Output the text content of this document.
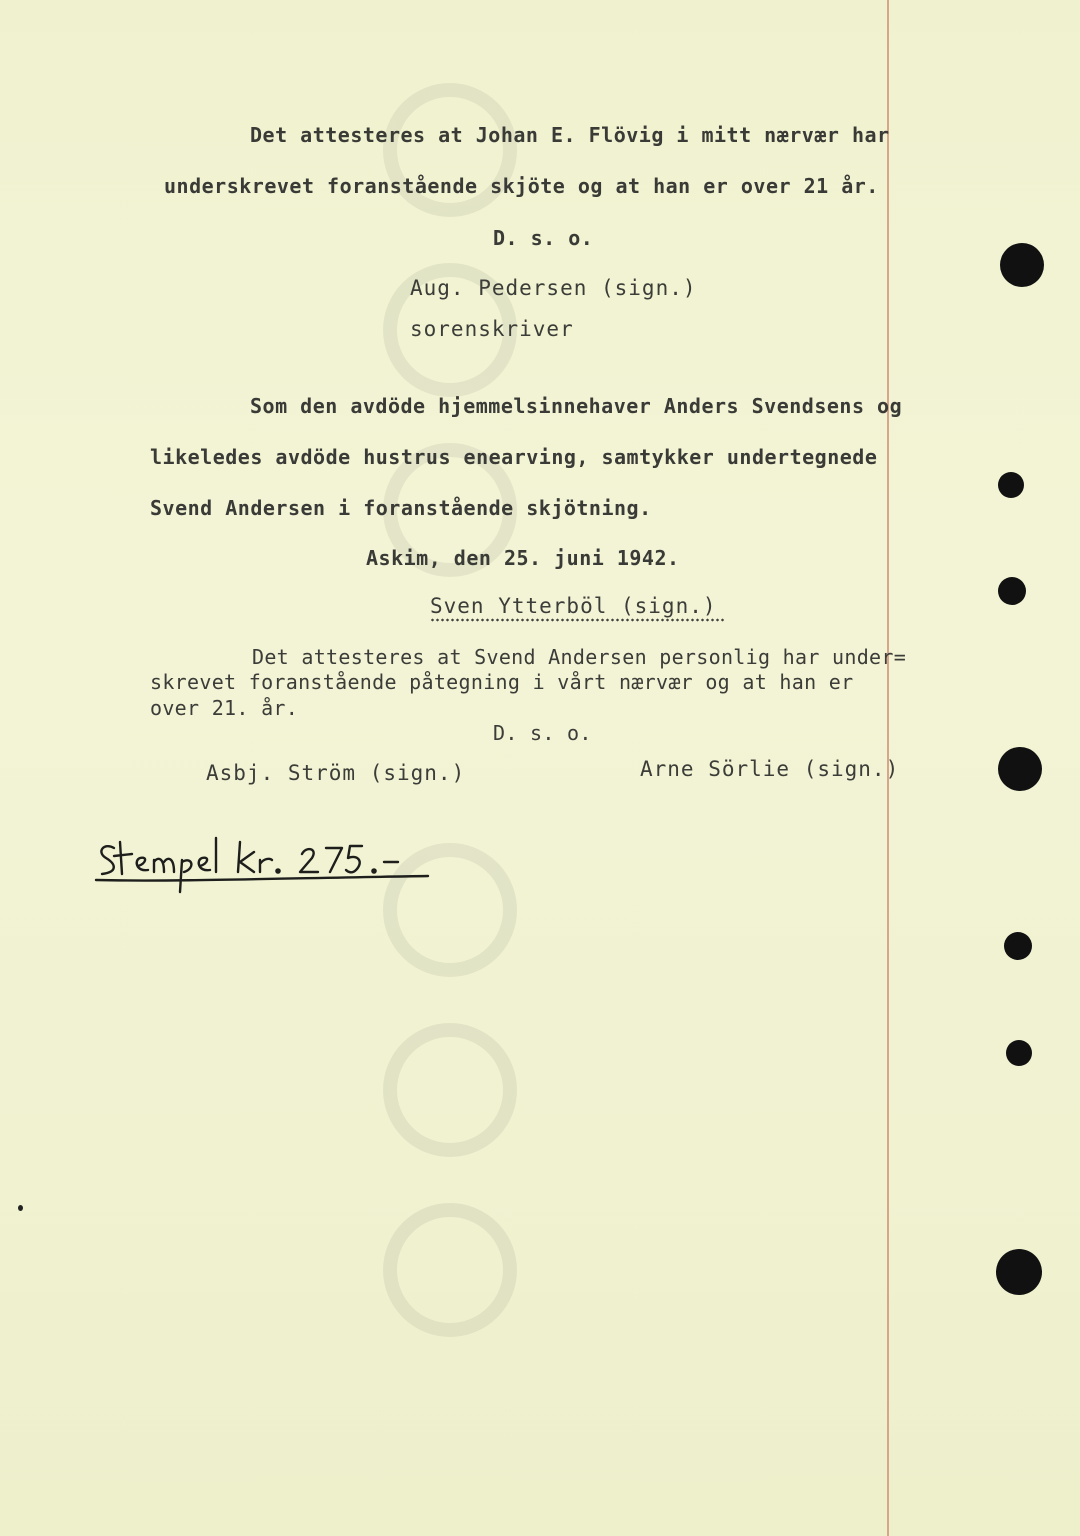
Det attesteres at Johan E. Flövig i mitt nærvær har
underskrevet foranstående skjöte og at han er over 21 år.
D. s. o.
Aug. Pedersen (sign.)
sorenskriver
Som den avdöde hjemmelsinnehaver Anders Svendsens og
likeledes avdöde hustrus enearving, samtykker undertegnede
Svend Andersen i foranstående skjötning.
Askim, den 25. juni 1942.
Sven Ytterböl (sign.)
Det attesteres at Svend Andersen personlig har under=
skrevet foranstående påtegning i vårt nærvær og at han er
over 21. år.
D. s. o.
Asbj. Ström (sign.)	Arne Sörlie (sign.)
